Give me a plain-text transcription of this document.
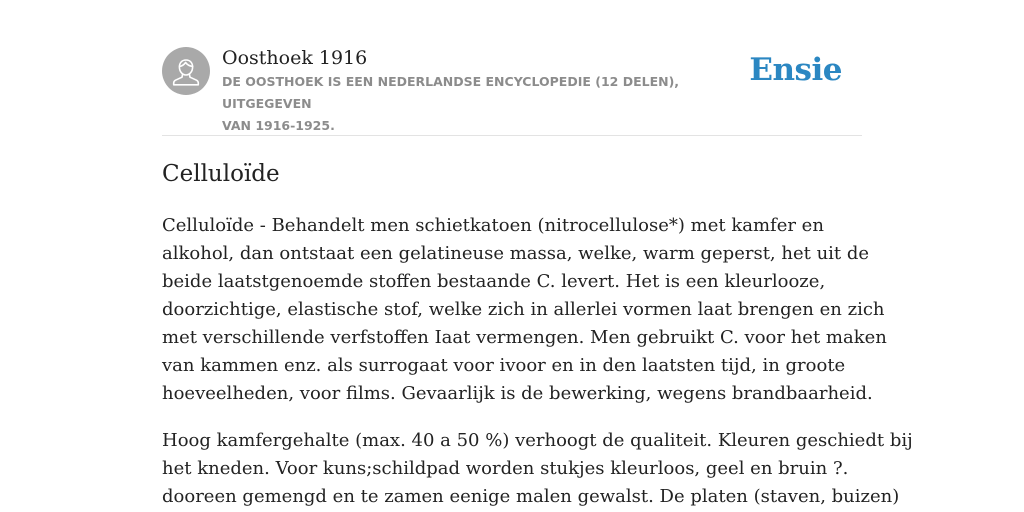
Oosthoek 1916
DE OOSTHOEK IS EEN NEDERLANDSE ENCYCLOPEDIE (12 DELEN), UITGEGEVEN
VAN 1916-1925.
Ensie
Celluloïde

Celluloïde - Behandelt men schietkatoen (nitrocellulose*) met kamfer en
alkohol, dan ontstaat een gelatineuse massa, welke, warm geperst, het uit de
beide laatstgenoemde stoffen bestaande C. levert. Het is een kleurlooze,
doorzichtige, elastische stof, welke zich in allerlei vormen laat brengen en zich
met verschillende verfstoffen Iaat vermengen. Men gebruikt C. voor het maken
van kammen enz. als surrogaat voor ivoor en in den laatsten tijd, in groote
hoeveelheden, voor films. Gevaarlijk is de bewerking, wegens brandbaarheid.

Hoog kamfergehalte (max. 40 a 50 %) verhoogt de qualiteit. Kleuren geschiedt bij
het kneden. Voor kuns;schildpad worden stukjes kleurloos, geel en bruin ?.
dooreen gemengd en te zamen eenige malen gewalst. De platen (staven, buizen)
